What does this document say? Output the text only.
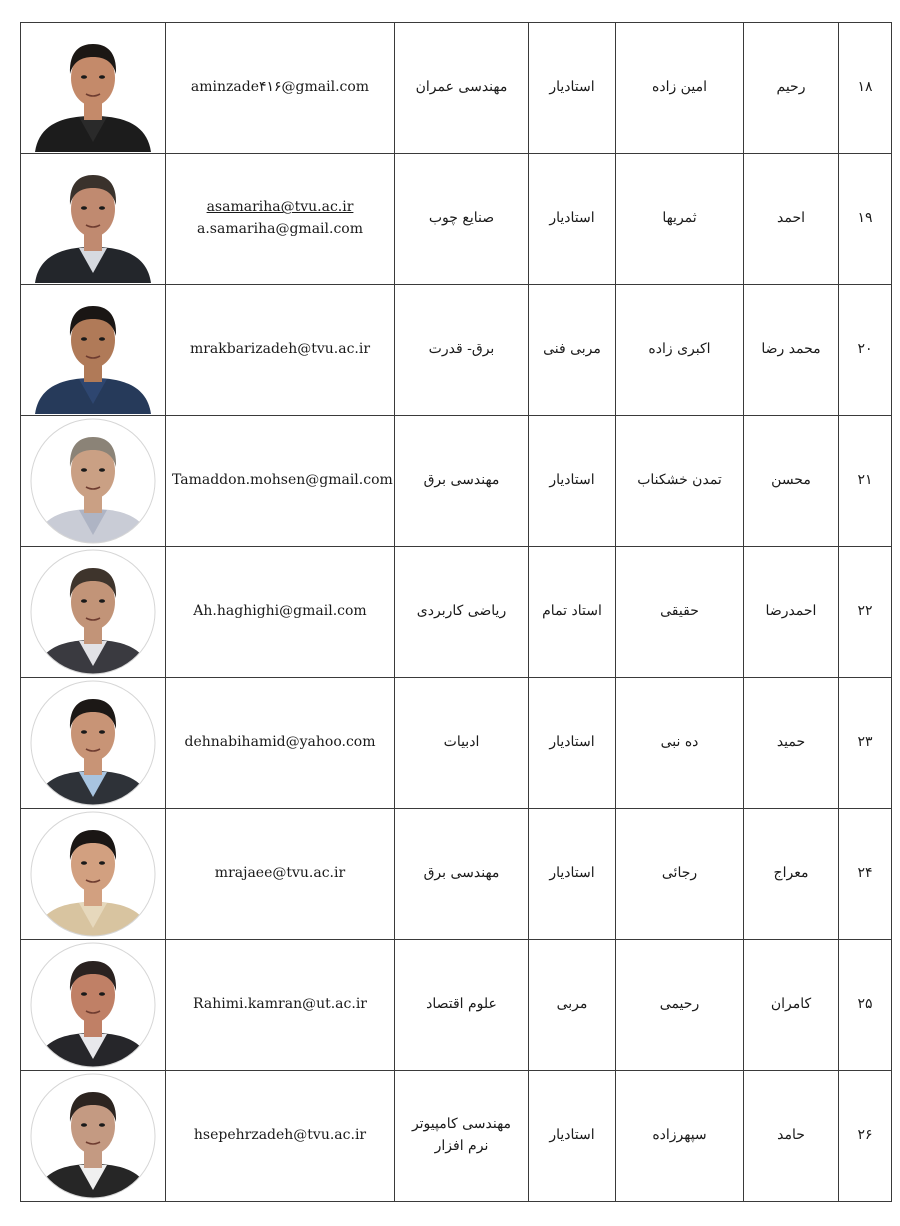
aminzade۴۱۶@gmail.com	مهندسی عمران	استادیار	امین زاده	رحیم	۱۸

asamariha@tvu.ac.ir
a.samariha@gmail.com	صنایع چوب	استادیار	ثمریها	احمد	۱۹

mrakbarizadeh@tvu.ac.ir	برق- قدرت	مربی فنی	اکبری زاده	محمد رضا	۲۰

Tamaddon.mohsen@gmail.com	مهندسی برق	استادیار	تمدن خشکناب	محسن	۲۱

Ah.haghighi@gmail.com	ریاضی کاربردی	استاد تمام	حقیقی	احمدرضا	۲۲

dehnabihamid@yahoo.com	ادبیات	استادیار	ده نبی	حمید	۲۳

mrajaee@tvu.ac.ir	مهندسی برق	استادیار	رجائی	معراج	۲۴

Rahimi.kamran@ut.ac.ir	علوم اقتصاد	مربی	رحیمی	کامران	۲۵

hsepehrzadeh@tvu.ac.ir	مهندسی کامپیوتر نرم افزار	استادیار	سپهرزاده	حامد	۲۶
